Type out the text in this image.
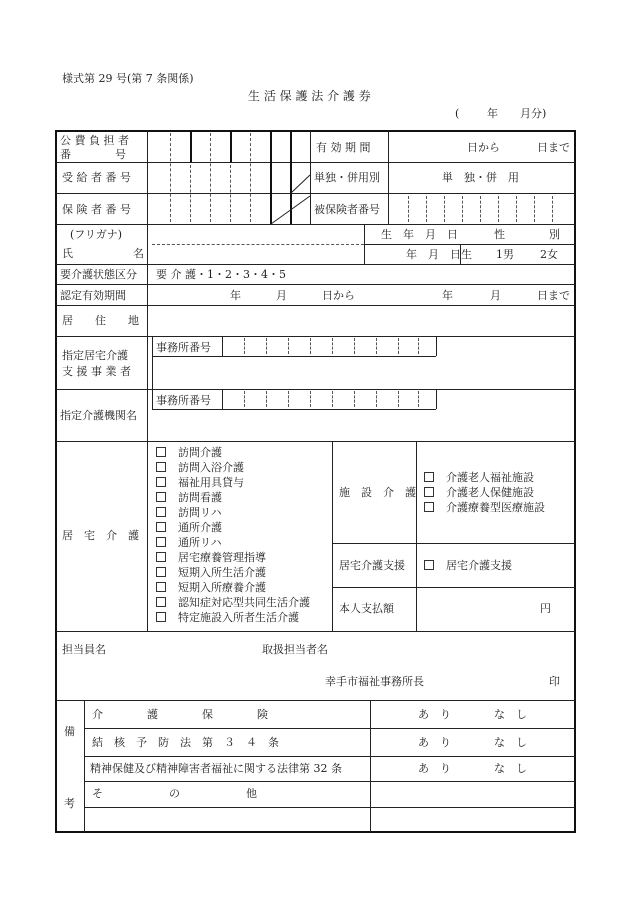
様式第 29 号(第 7 条関係)
生 活 保 護 法 介 護 券
(	年 月分)
公 費 負 担 者
番　　　　号
有 効 期 間	日から	日まで
受 給 者 番 号	単独・併用別	単　独・併　用
保 険 者 番 号	被保険者番号
(フリガナ)
氏	名
生　年　月　日	性　　　　別
年　月　日生 1男 2女
要介護状態区分 要 介 護・1・2・3・4・5
認定有効期間	年	月	日から	年	月	日まで
居　　住　　地
指定居宅介護
支 援 事 業 者
事務所番号
指定介護機関名
事務所番号
居　宅　介　護
訪問介護
訪問入浴介護
福祉用具貸与
訪問看護
訪問リハ
通所介護
通所リハ
居宅療養管理指導
短期入所生活介護
短期入所療養介護
認知症対応型共同生活介護
特定施設入所者生活介護
施　設　介　護
介護老人福祉施設
介護老人保健施設
介護療養型医療施設
居宅介護支援	居宅介護支援
本人支払額	円
担当員名	取扱担当者名
幸手市福祉事務所長	印
備
考
介　　　　護　　　　保　　　　険	あ　り	な　し
結　核　予　防　法　第　３　４　条	あ　り	な　し
精神保健及び精神障害者福祉に関する法律第 32 条	あ　り	な　し
そ　　　　　　の　　　　　　他
